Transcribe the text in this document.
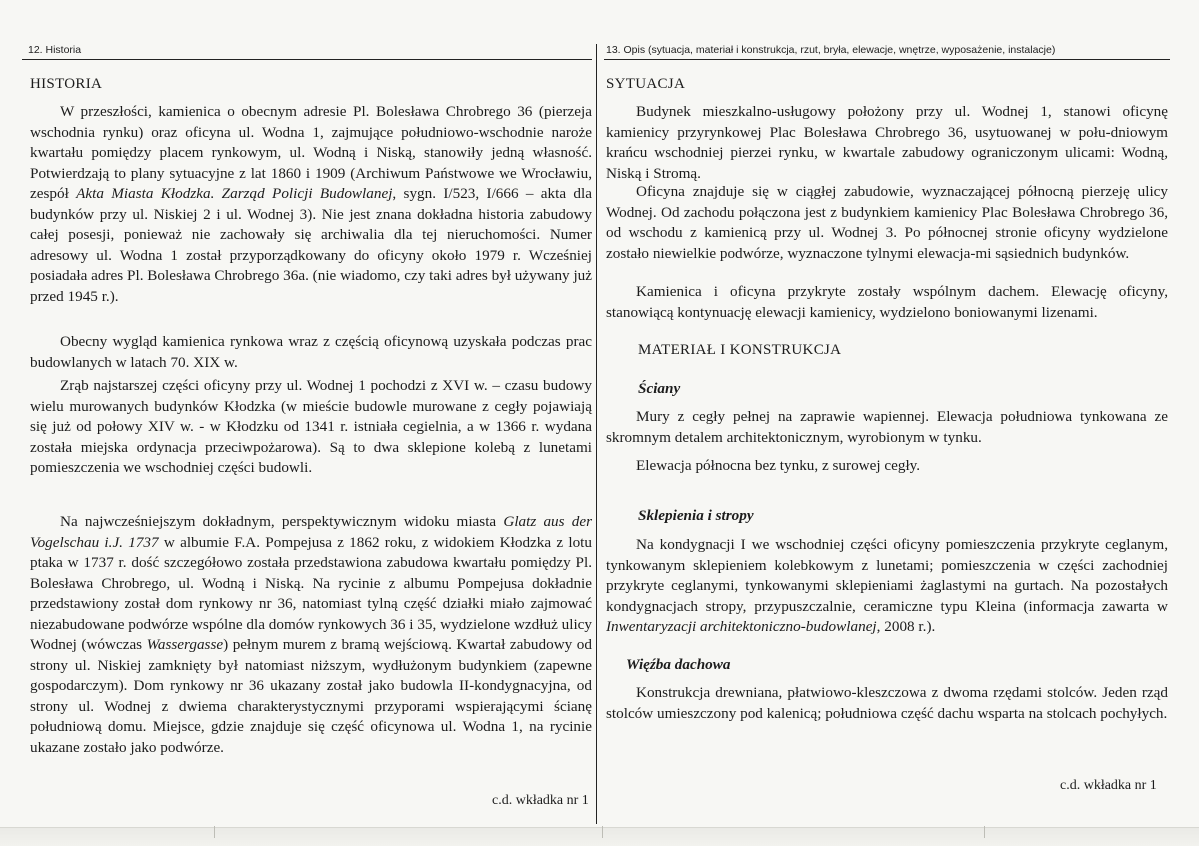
12. Historia
HISTORIA

W przeszłości, kamienica o obecnym adresie Pl. Bolesława Chrobrego 36 (pierzeja wschodnia rynku) oraz oficyna ul. Wodna 1, zajmujące południowo-wschodnie naroże kwartału pomiędzy placem rynkowym, ul. Wodną i Niską, stanowiły jedną własność. Potwierdzają to plany sytuacyjne z lat 1860 i 1909 (Archiwum Państwowe we Wrocławiu, zespół Akta Miasta Kłodzka. Zarząd Policji Budowlanej, sygn. I/523, I/666 – akta dla budynków przy ul. Niskiej 2 i ul. Wodnej 3). Nie jest znana dokładna historia zabudowy całej posesji, ponieważ nie zachowały się archiwalia dla tej nieruchomości. Numer adresowy ul. Wodna 1 został przyporządkowany do oficyny około 1979 r. Wcześniej posiadała adres Pl. Bolesława Chrobrego 36a. (nie wiadomo, czy taki adres był używany już przed 1945 r.).

Obecny wygląd kamienica rynkowa wraz z częścią oficynową uzyskała podczas prac budowlanych w latach 70. XIX w.

Zrąb najstarszej części oficyny przy ul. Wodnej 1 pochodzi z XVI w. – czasu budowy wielu murowanych budynków Kłodzka (w mieście budowle murowane z cegły pojawiają się już od połowy XIV w. - w Kłodzku od 1341 r. istniała cegielnia, a w 1366 r. wydana została miejska ordynacja przeciwpożarowa). Są to dwa sklepione kolebą z lunetami pomieszczenia we wschodniej części budowli.

Na najwcześniejszym dokładnym, perspektywicznym widoku miasta Glatz aus der Vogelschau i.J. 1737 w albumie F.A. Pompejusa z 1862 roku, z widokiem Kłodzka z lotu ptaka w 1737 r. dość szczegółowo została przedstawiona zabudowa kwartału pomiędzy Pl. Bolesława Chrobrego, ul. Wodną i Niską. Na rycinie z albumu Pompejusa dokładnie przedstawiony został dom rynkowy nr 36, natomiast tylną część działki miało zajmować niezabudowane podwórze wspólne dla domów rynkowych 36 i 35, wydzielone wzdłuż ulicy Wodnej (wówczas Wassergasse) pełnym murem z bramą wejściową. Kwartał zabudowy od strony ul. Niskiej zamknięty był natomiast niższym, wydłużonym budynkiem (zapewne gospodarczym). Dom rynkowy nr 36 ukazany został jako budowla II-kondygnacyjna, od strony ul. Wodnej z dwiema charakterystycznymi przyporami wspierającymi ścianę południową domu. Miejsce, gdzie znajduje się część oficynowa ul. Wodna 1, na rycinie ukazane zostało jako podwórze.

c.d. wkładka nr 1
13. Opis (sytuacja, materiał i konstrukcja, rzut, bryła, elewacje, wnętrze, wyposażenie, instalacje)
SYTUACJA

Budynek mieszkalno-usługowy położony przy ul. Wodnej 1, stanowi oficynę kamienicy przyrynkowej Plac Bolesława Chrobrego 36, usytuowanej w połu-dniowym krańcu wschodniej pierzei rynku, w kwartale zabudowy ograniczonym ulicami: Wodną, Niską i Stromą.

Oficyna znajduje się w ciągłej zabudowie, wyznaczającej północną pierzeję ulicy Wodnej. Od zachodu połączona jest z budynkiem kamienicy Plac Bolesława Chrobrego 36, od wschodu z kamienicą przy ul. Wodnej 3. Po północnej stronie oficyny wydzielone zostało niewielkie podwórze, wyznaczone tylnymi elewacja-mi sąsiednich budynków.

Kamienica i oficyna przykryte zostały wspólnym dachem. Elewację oficyny, stanowiącą kontynuację elewacji kamienicy, wydzielono boniowanymi lizenami.

MATERIAŁ I KONSTRUKCJA
Ściany

Mury z cegły pełnej na zaprawie wapiennej. Elewacja południowa tynkowana ze skromnym detalem architektonicznym, wyrobionym w tynku.

Elewacja północna bez tynku, z surowej cegły.

Sklepienia i stropy

Na kondygnacji I we wschodniej części oficyny pomieszczenia przykryte ceglanym, tynkowanym sklepieniem kolebkowym z lunetami; pomieszczenia w części zachodniej przykryte ceglanymi, tynkowanymi sklepieniami żaglastymi na gurtach. Na pozostałych kondygnacjach stropy, przypuszczalnie, ceramiczne typu Kleina (informacja zawarta w Inwentaryzacji architektoniczno-budowlanej, 2008 r.).

Więźba dachowa

Konstrukcja drewniana, płatwiowo-kleszczowa z dwoma rzędami stolców. Jeden rząd stolców umieszczony pod kalenicą; południowa część dachu wsparta na stolcach pochyłych.

c.d. wkładka nr 1
